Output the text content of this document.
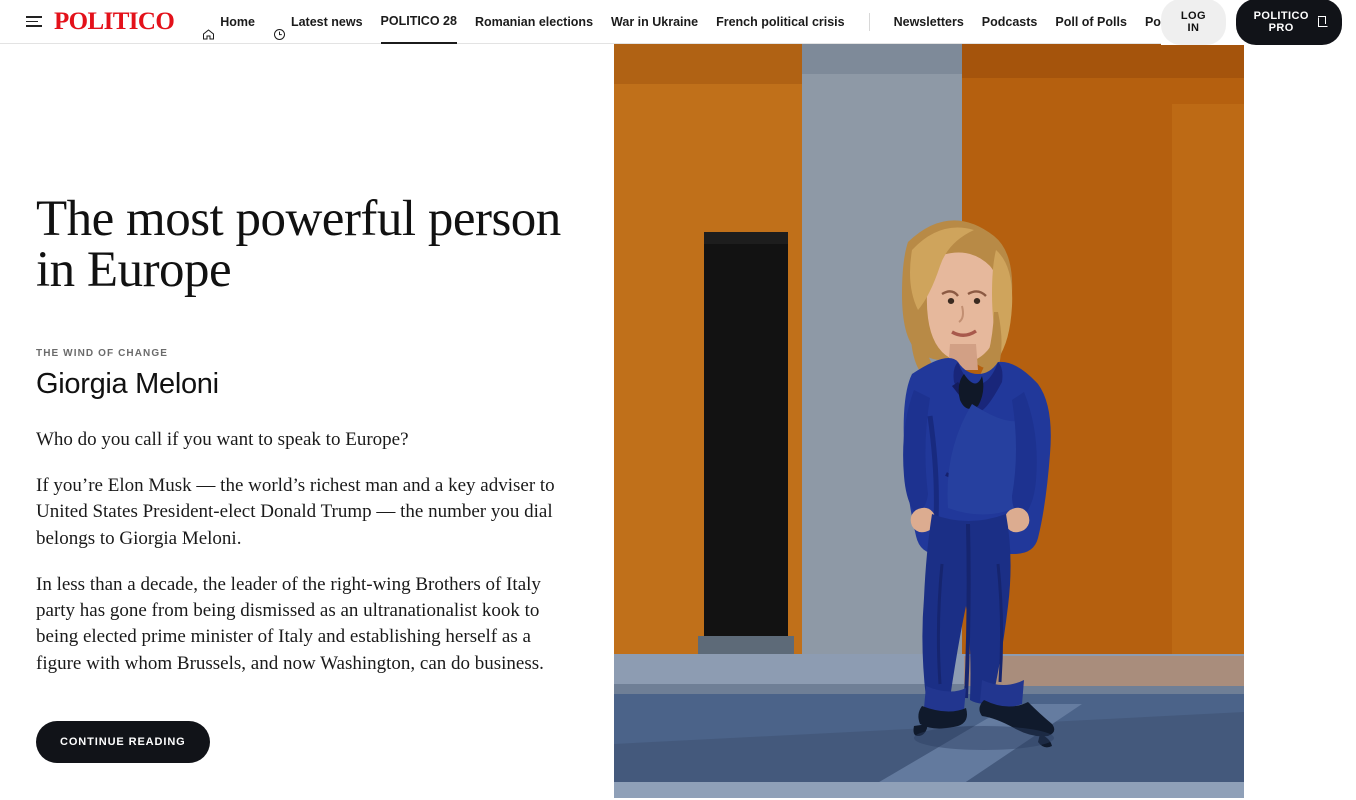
POLITICO	Home	Latest news POLITICO 28 Romanian elections War in Ukraine French political crisis	Newsletters Podcasts Poll of Polls Po	LOG IN
POLITICO PRO
The most powerful person in Europe
THE WIND OF CHANGE
Giorgia Meloni

Who do you call if you want to speak to Europe?

If you’re Elon Musk — the world’s richest man and a key adviser to United States President-elect Donald Trump — the number you dial belongs to Giorgia Meloni.

In less than a decade, the leader of the right-wing Brothers of Italy party has gone from being dismissed as an ultranationalist kook to being elected prime minister of Italy and establishing herself as a figure with whom Brussels, and now Washington, can do business.

CONTINUE READING
